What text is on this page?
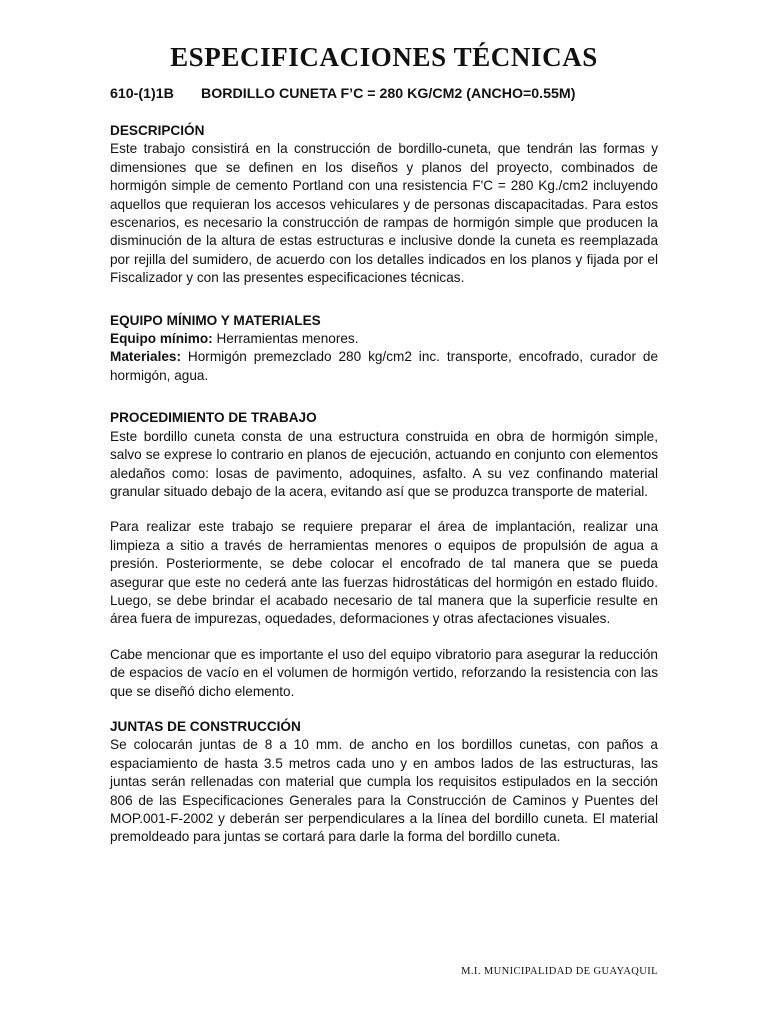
ESPECIFICACIONES TÉCNICAS
610-(1)1B BORDILLO CUNETA F’C = 280 KG/CM2 (ANCHO=0.55M)
DESCRIPCIÓN

Este trabajo consistirá en la construcción de bordillo-cuneta, que tendrán las formas y dimensiones que se definen en los diseños y planos del proyecto, combinados de hormigón simple de cemento Portland con una resistencia F'C = 280 Kg./cm2 incluyendo aquellos que requieran los accesos vehiculares y de personas discapacitadas. Para estos escenarios, es necesario la construcción de rampas de hormigón simple que producen la disminución de la altura de estas estructuras e inclusive donde la cuneta es reemplazada por rejilla del sumidero, de acuerdo con los detalles indicados en los planos y fijada por el Fiscalizador y con las presentes especificaciones técnicas.

EQUIPO MÍNIMO Y MATERIALES

Equipo mínimo: Herramientas menores.

Materiales: Hormigón premezclado 280 kg/cm2 inc. transporte, encofrado, curador de hormigón, agua.

PROCEDIMIENTO DE TRABAJO

Este bordillo cuneta consta de una estructura construida en obra de hormigón simple, salvo se exprese lo contrario en planos de ejecución, actuando en conjunto con elementos aledaños como: losas de pavimento, adoquines, asfalto. A su vez confinando material granular situado debajo de la acera, evitando así que se produzca transporte de material.

Para realizar este trabajo se requiere preparar el área de implantación, realizar una limpieza a sitio a través de herramientas menores o equipos de propulsión de agua a presión. Posteriormente, se debe colocar el encofrado de tal manera que se pueda asegurar que este no cederá ante las fuerzas hidrostáticas del hormigón en estado fluido. Luego, se debe brindar el acabado necesario de tal manera que la superficie resulte en área fuera de impurezas, oquedades, deformaciones y otras afectaciones visuales.

Cabe mencionar que es importante el uso del equipo vibratorio para asegurar la reducción de espacios de vacío en el volumen de hormigón vertido, reforzando la resistencia con las que se diseñó dicho elemento.

JUNTAS DE CONSTRUCCIÓN

Se colocarán juntas de 8 a 10 mm. de ancho en los bordillos cunetas, con paños a espaciamiento de hasta 3.5 metros cada uno y en ambos lados de las estructuras, las juntas serán rellenadas con material que cumpla los requisitos estipulados en la sección 806 de las Especificaciones Generales para la Construcción de Caminos y Puentes del MOP.001-F-2002 y deberán ser perpendiculares a la línea del bordillo cuneta. El material premoldeado para juntas se cortará para darle la forma del bordillo cuneta.

M.I. MUNICIPALIDAD DE GUAYAQUIL
